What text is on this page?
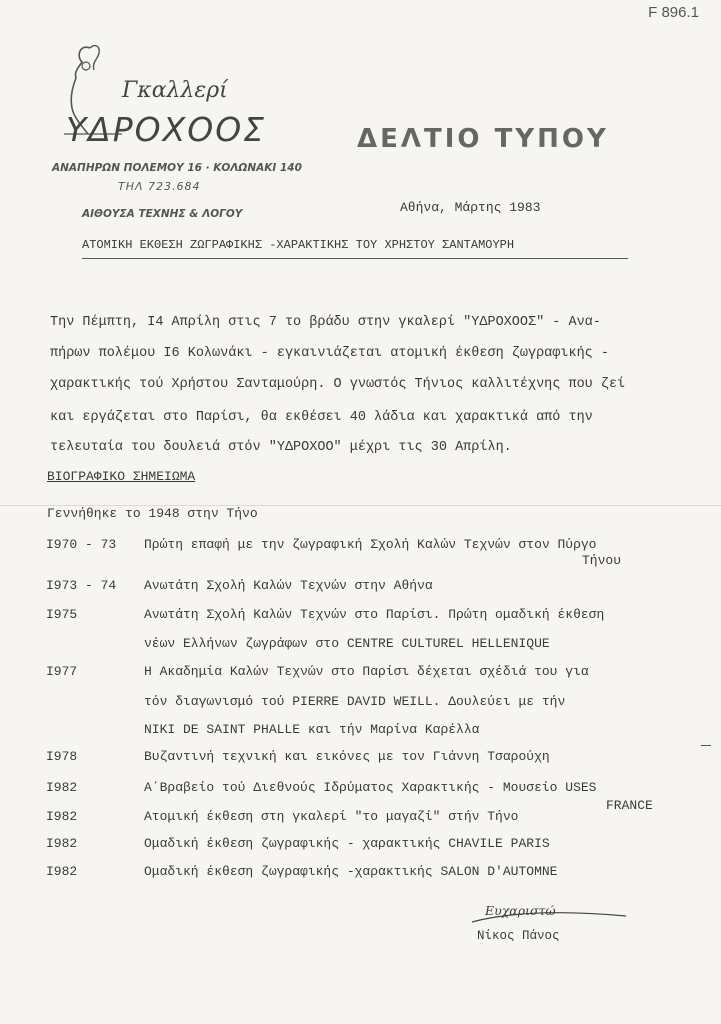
F 896.1
Γκαλλερί
ΥΔΡΟΧΟΟΣ
ΑΝΑΠΗΡΩΝ ΠΟΛΕΜΟΥ 16 · ΚΟΛΩΝΑΚΙ 140
ΤΗΛ 723.684
ΑΙΘΟΥΣΑ ΤΕΧΝΗΣ & ΛΟΓΟΥ
ΔΕΛΤΙΟ ΤΥΠΟΥ
Αθήνα, Μάρτης 1983
ΑΤΟΜΙΚΗ ΕΚΘΕΣΗ ΖΩΓΡΑΦΙΚΗΣ -ΧΑΡΑΚΤΙΚΗΣ ΤΟΥ ΧΡΗΣΤΟΥ ΣΑΝΤΑΜΟΥΡΗ
Την Πέμπτη, Ι4 Απρίλη στις 7 το βράδυ στην γκαλερί "ΥΔΡΟΧΟΟΣ" - Ανα-
πήρων πολέμου Ι6 Κολωνάκι - εγκαινιάζεται ατομική έκθεση ζωγραφικής -
χαρακτικής τού Χρήστου Σανταμούρη. Ο γνωστός Τήνιος καλλιτέχνης που ζεί
και εργάζεται στο Παρίσι, θα εκθέσει 40 λάδια και χαρακτικά από την
τελευταία του δουλειά στόν "ΥΔΡΟΧΟΟ" μέχρι τις 30 Απρίλη.
ΒΙΟΓΡΑΦΙΚΟ ΣΗΜΕΙΩΜΑ
Γεννήθηκε το 1948 στην Τήνο
I970 - 73 Πρώτη επαφή με την ζωγραφική Σχολή Καλών Τεχνών στον Πύργο
Τήνου
I973 - 74 Ανωτάτη Σχολή Καλών Τεχνών στην Αθήνα
I975	Ανωτάτη Σχολή Καλών Τεχνών στο Παρίσι. Πρώτη ομαδική έκθεση
νέων Ελλήνων ζωγράφων στο CENTRE CULTUREL HELLENIQUE
I977	Η Ακαδημία Καλών Τεχνών στο Παρίσι δέχεται σχέδιά του για
τόν διαγωνισμό τού PIERRE DAVID WEILL. Δουλεύει με τήν
NIKI DE SAINT PHALLE και τήν Μαρίνα Καρέλλα
I978	Βυζαντινή τεχνική και εικόνες με τον Γιάννη Τσαρούχη
I982	Α΄Βραβείο τού Διεθνούς Ιδρύματος Χαρακτικής - Μουσείο USES
FRANCE
I982	Ατομική έκθεση στη γκαλερί "το μαγαζί" στήν Τήνο
I982	Ομαδική έκθεση ζωγραφικής - χαρακτικής CHAVILE PARIS
I982	Ομαδική έκθεση ζωγραφικής -χαρακτικής SALON D'AUTOMNE
Ευχαριστώ
Νίκος Πάνος
